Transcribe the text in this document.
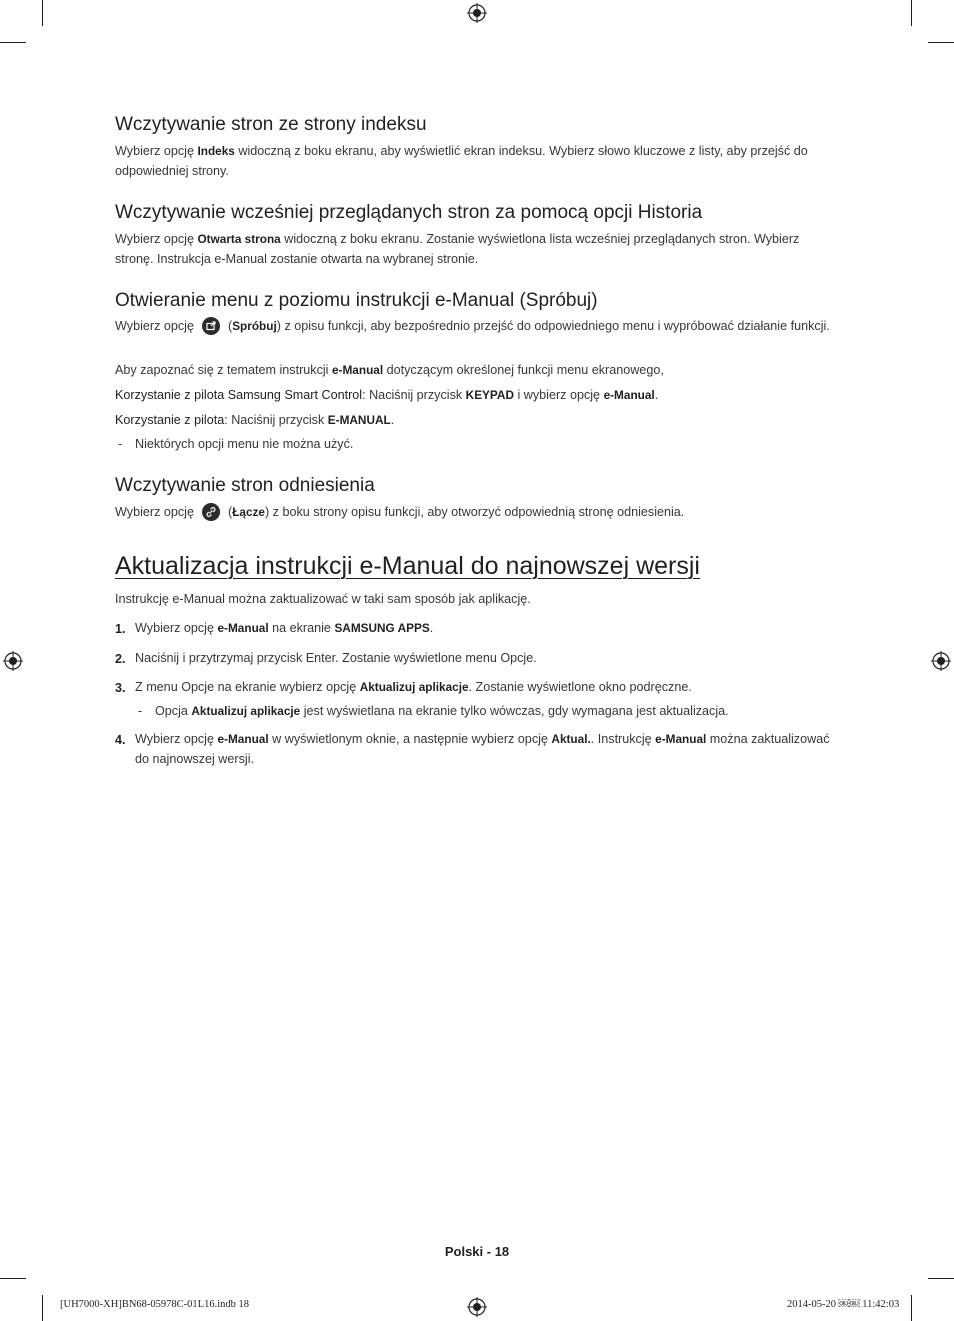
Wczytywanie stron ze strony indeksu

Wybierz opcję Indeks widoczną z boku ekranu, aby wyświetlić ekran indeksu. Wybierz słowo kluczowe z listy, aby przejść do odpowiedniej strony.

Wczytywanie wcześniej przeglądanych stron za pomocą opcji Historia

Wybierz opcję Otwarta strona widoczną z boku ekranu. Zostanie wyświetlona lista wcześniej przeglądanych stron. Wybierz stronę. Instrukcja e-Manual zostanie otwarta na wybranej stronie.

Otwieranie menu z poziomu instrukcji e-Manual (Spróbuj)

Wybierz opcję	(Spróbuj) z opisu funkcji, aby bezpośrednio przejść do odpowiedniego menu i wypróbować działanie funkcji.

Aby zapoznać się z tematem instrukcji e-Manual dotyczącym określonej funkcji menu ekranowego,

Korzystanie z pilota Samsung Smart Control: Naciśnij przycisk KEYPAD i wybierz opcję e-Manual.

Korzystanie z pilota: Naciśnij przycisk E-MANUAL.

- Niektórych opcji menu nie można użyć.

Wczytywanie stron odniesienia

Wybierz opcję	(Łącze) z boku strony opisu funkcji, aby otworzyć odpowiednią stronę odniesienia.

Aktualizacja instrukcji e-Manual do najnowszej wersji

Instrukcję e-Manual można zaktualizować w taki sam sposób jak aplikację.

1. Wybierz opcję e-Manual na ekranie SAMSUNG APPS.

2. Naciśnij i przytrzymaj przycisk Enter. Zostanie wyświetlone menu Opcje.

3. Z menu Opcje na ekranie wybierz opcję Aktualizuj aplikacje. Zostanie wyświetlone okno podręczne.

- Opcja Aktualizuj aplikacje jest wyświetlana na ekranie tylko wówczas, gdy wymagana jest aktualizacja.

4. Wybierz opcję e-Manual w wyświetlonym oknie, a następnie wybierz opcję Aktual.. Instrukcję e-Manual można zaktualizować do najnowszej wersji.

Polski - 18
[UH7000-XH]BN68-05978C-01L16.indb 18	2014-05-20 ￼￼ 11:42:03
